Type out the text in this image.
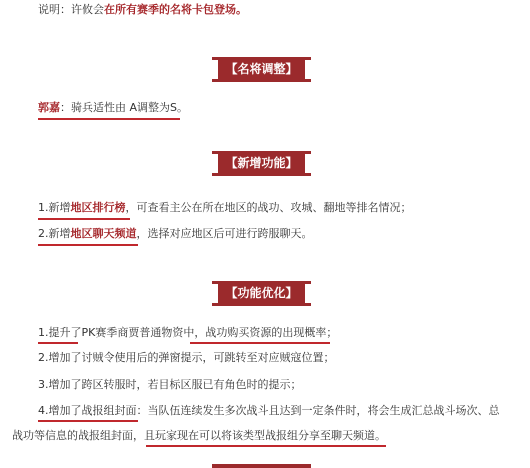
说明：许攸会在所有赛季的名将卡包登场。
【名将调整】
郭嘉：骑兵适性由 A调整为S。
【新增功能】
1.新增地区排行榜，可查看主公在所在地区的战功、攻城、翻地等排名情况；
2.新增地区聊天频道，选择对应地区后可进行跨服聊天。
【功能优化】
1.提升了PK赛季商贾普通物资中，战功购买资源的出现概率；
2.增加了讨贼令使用后的弹窗提示，可跳转至对应贼寇位置；
3.增加了跨区转服时，若目标区服已有角色时的提示；
4.增加了战报组封面：当队伍连续发生多次战斗且达到一定条件时，将会生成汇总战斗场次、总
战功等信息的战报组封面，且玩家现在可以将该类型战报组分享至聊天频道。
